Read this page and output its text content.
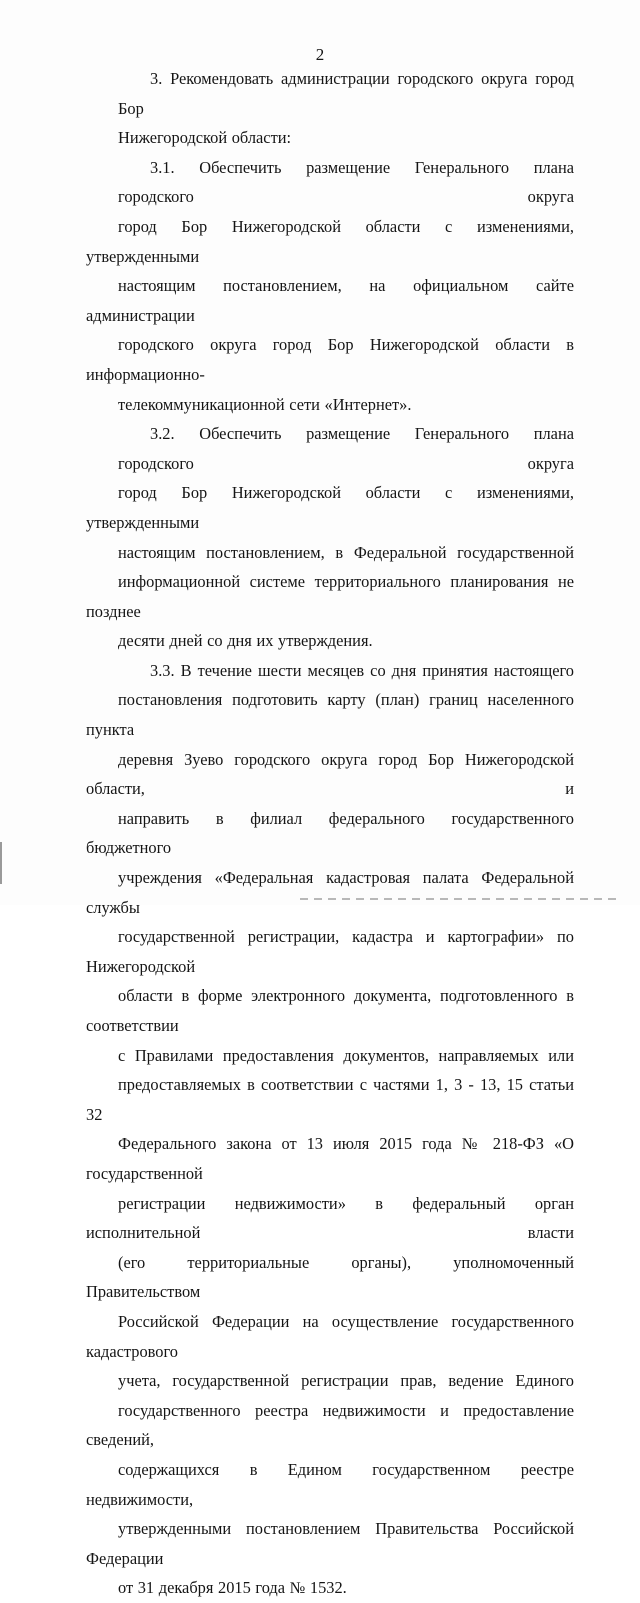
2

3. Рекомендовать администрации городского округа город Бор
Нижегородской области:

3.1. Обеспечить размещение Генерального плана городского округа
город Бор Нижегородской области с изменениями, утвержденными
настоящим постановлением, на официальном сайте администрации
городского округа город Бор Нижегородской области в информационно-
телекоммуникационной сети «Интернет».

3.2. Обеспечить размещение Генерального плана городского округа
город Бор Нижегородской области с изменениями, утвержденными
настоящим постановлением, в Федеральной государственной
информационной системе территориального планирования не позднее
десяти дней со дня их утверждения.

3.3. В течение шести месяцев со дня принятия настоящего
постановления подготовить карту (план) границ населенного пункта
деревня Зуево городского округа город Бор Нижегородской области, и
направить в филиал федерального государственного бюджетного
учреждения «Федеральная кадастровая палата Федеральной службы
государственной регистрации, кадастра и картографии» по Нижегородской
области в форме электронного документа, подготовленного в соответствии
с Правилами предоставления документов, направляемых или
предоставляемых в соответствии с частями 1, 3 - 13, 15 статьи 32
Федерального закона от 13 июля 2015 года № 218-ФЗ «О государственной
регистрации недвижимости» в федеральный орган исполнительной власти
(его территориальные органы), уполномоченный Правительством
Российской Федерации на осуществление государственного кадастрового
учета, государственной регистрации прав, ведение Единого
государственного реестра недвижимости и предоставление сведений,
содержащихся в Едином государственном реестре недвижимости,
утвержденными постановлением Правительства Российской Федерации
от 31 декабря 2015 года № 1532.
